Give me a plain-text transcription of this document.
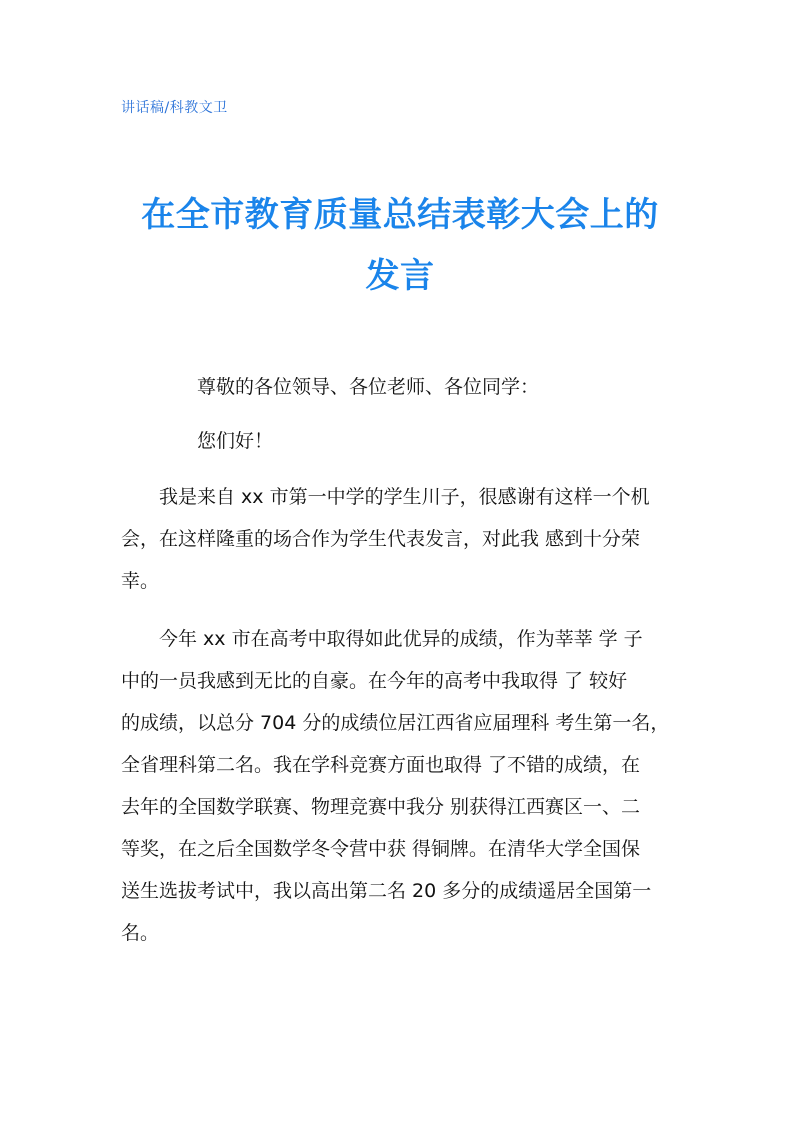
讲话稿/科教文卫
在全市教育质量总结表彰大会上的
发言
尊敬的各位领导、各位老师、各位同学：
您们好！
我是来自 xx 市第一中学的学生川子，很感谢有这样一个机
会，在这样隆重的场合作为学生代表发言，对此我 感到十分荣
幸。
今年 xx 市在高考中取得如此优异的成绩，作为莘莘 学 子
中的一员我感到无比的自豪。在今年的高考中我取得 了 较好
的成绩，以总分 704 分的成绩位居江西省应届理科 考生第一名，
全省理科第二名。我在学科竞赛方面也取得 了不错的成绩，在
去年的全国数学联赛、物理竞赛中我分 别获得江西赛区一、二
等奖，在之后全国数学冬令营中获 得铜牌。在清华大学全国保
送生选拔考试中，我以高出第二名 20 多分的成绩遥居全国第一
名。
